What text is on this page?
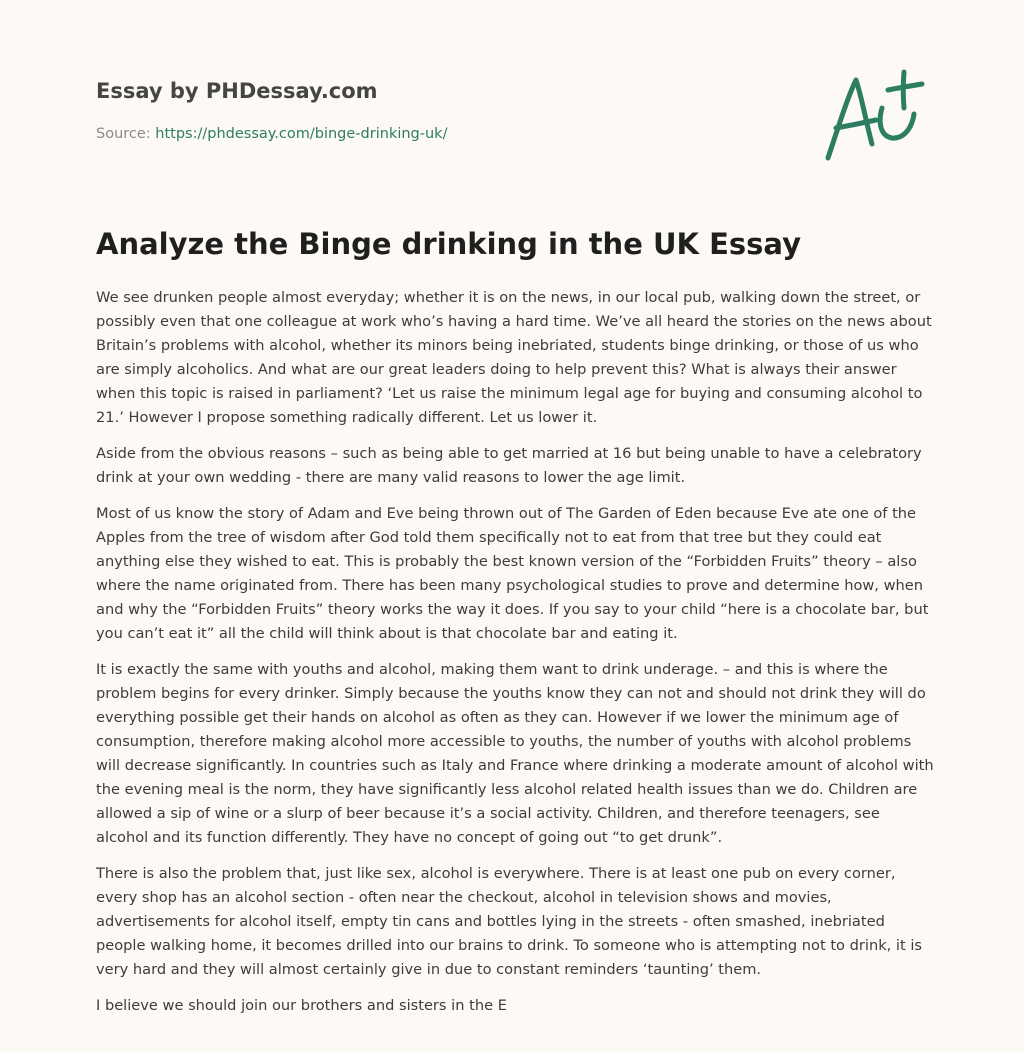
Essay by PHDessay.com
Source: https://phdessay.com/binge-drinking-uk/
Analyze the Binge drinking in the UK Essay

We see drunken people almost everyday; whether it is on the news, in our local pub, walking down the street, or possibly even that one colleague at work who’s having a hard time. We’ve all heard the stories on the news about Britain’s problems with alcohol, whether its minors being inebriated, students binge drinking, or those of us who are simply alcoholics. And what are our great leaders doing to help prevent this? What is always their answer when this topic is raised in parliament? ‘Let us raise the minimum legal age for buying and consuming alcohol to 21.’ However I propose something radically different. Let us lower it.

Aside from the obvious reasons – such as being able to get married at 16 but being unable to have a celebratory drink at your own wedding - there are many valid reasons to lower the age limit.

Most of us know the story of Adam and Eve being thrown out of The Garden of Eden because Eve ate one of the Apples from the tree of wisdom after God told them specifically not to eat from that tree but they could eat anything else they wished to eat. This is probably the best known version of the “Forbidden Fruits” theory – also where the name originated from. There has been many psychological studies to prove and determine how, when and why the “Forbidden Fruits” theory works the way it does. If you say to your child “here is a chocolate bar, but you can’t eat it” all the child will think about is that chocolate bar and eating it.

It is exactly the same with youths and alcohol, making them want to drink underage. – and this is where the problem begins for every drinker. Simply because the youths know they can not and should not drink they will do everything possible get their hands on alcohol as often as they can. However if we lower the minimum age of consumption, therefore making alcohol more accessible to youths, the number of youths with alcohol problems will decrease significantly. In countries such as Italy and France where drinking a moderate amount of alcohol with the evening meal is the norm, they have significantly less alcohol related health issues than we do. Children are allowed a sip of wine or a slurp of beer because it’s a social activity. Children, and therefore teenagers, see alcohol and its function differently. They have no concept of going out “to get drunk”.

There is also the problem that, just like sex, alcohol is everywhere. There is at least one pub on every corner, every shop has an alcohol section - often near the checkout, alcohol in television shows and movies, advertisements for alcohol itself, empty tin cans and bottles lying in the streets - often smashed, inebriated people walking home, it becomes drilled into our brains to drink. To someone who is attempting not to drink, it is very hard and they will almost certainly give in due to constant reminders ‘taunting’ them.

I believe we should join our brothers and sisters in the E
